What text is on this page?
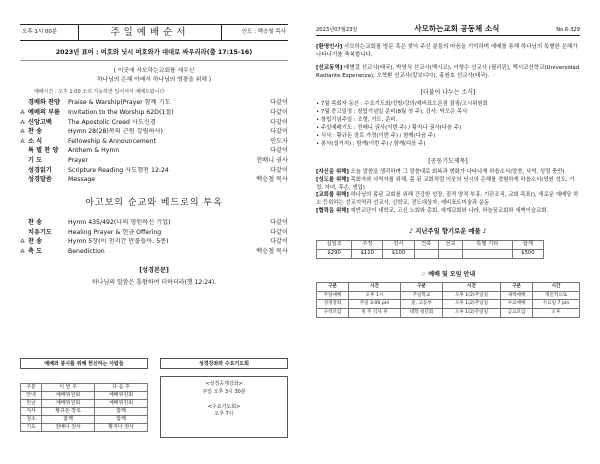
오후 1시 00분	주일예배순서	인도 : 백승철 목사
2023년 표어 : 여호와 닛시 여호와가 대대로 싸우리라(출 17:15-16)
( 이곳에 사모하는교회를 세우신
하나님의 은혜 아래서 하나님의 영광을 위해 )
예배시간 : 오후 1:00 소리 가능하면 일어서서 예배드립니다
경배와 찬양	Praise & Warship(Prayer 함께 기도	다같이
⁂ 예배의 부름	Invitation to the Worship 62D(1절)	다같이
⁂ 신앙고백	The Apostolic Creed 사도신경	다같이
⁂ 찬 송	Hymn 28(28)복의 근원 강림하사)	다같이
⁂ 소 식	Fellowship & Announcement	인도자
특 별 찬 양	Anthem & Hymn	다같이
기 도	Prayer	전배니 권사
성경읽기	Scripture Reading 사도행전 12:24	다같이
성경말씀	Message	백승철 목사
아고보의 순교와 베드로의 투옥
찬 송	Hymn 435/492(나의 영원하신 기업)	다같이
치유기도	Healing Prayer & 헌금 Offering	다같이
⁂ 찬 송	Hymn 5장(이 천지간 만물들아, 5종)	다같이
⁂ 축 도	Benediction	백승철 목사
[성경본문]
하나님의 말씀은 흥왕하여 더하더라(행 12:24).
예배와 봉사를 위해 헌신하는 사람들
구분	이 번 주	다 음 주
안내	예배위원회	예배위원회
헌금	예배위원회	예배위원회
식사	황규돈 장로	함께
청소	함께	함께
기도	전배니 권사	황지나 권사
성경강좌와 수요기도회
<성경공개강좌>
주일 오후 3시 30분

<수요기도회>
오후 7시
2023년07월23일	사모하는교회 공동체 소식	No.6-329
[환영인사] 사모하는교회를 방문 혹은 찾아 주신 분들의 마음을 기억하며 예배를 통해 하나님의 특별한 은혜가 나타나기를 축복합니다.
[선교동역] 배병걸 선교사(태국), 박영식 선교사(멕시코), 이형수 선교사 (필리핀), 멕시코신학교(Universidad Radiante Esperanza), 오혁환 선교사(칼보디아), 홍원호 선교사(태국).
[더불어 나누는 소식]
• 7월 목회자 동선 : 수요기도회/성방/강의/예비표도론점 점핑/고시위원회
• 7월 중고일정 : 창립기념일 준비(8월 첫 주), 강사: 박모은 목사
• 창립기념주일 : 조형, 기도, 준비.
• 주일예배기도 : 전배니 권사(이번 주) / 황지나 권사(다음 주)
• 식사 : 황규돈 장로 가정(이번 주) / 함께(다음 주)
• 봉사(설거지) : 함께(이번 주) / 함께(다음 주)
[공동기도제목]
[자신을 위해] 오늘 말씀을 생각하며 그 말씀대로 회복과 변화가 나타나게 하옵소서(말씀, 사역, 성령 충만)
[성도를 위해] 목회자와 사역자를 위해, 몸 된 교회처럼 이웃의 닛시의 은혜를 경험하게 하옵소서(영원 성도, 가정, 자녀, 후손, 생업)
[교회를 위해] 하나님의 몸된 교회를 위해 건강한 성장, 질적 양적 부흥, 기관조직, 교회 목표(), 새로운 예배당 하소 등위하는 선교지역과 선교사, 신학교, 전도대상자, 예비표도미술과 운동
[협력을 위해] 예반교단이 대학교, 고신 노회와 총회, 세계교회와 나라, 하늘꿈교회와 새벽이슬교회.
♪ 지난주일 향기로운 예물 ♪
십일조	주정	감사	건축	선교	특별 기타	합계
$290	$110	$100				$500
☞ 예배 및 모임 안내
구분	시간	구분	시간	구분	시간
주일예배	오후 1시	주일학교	오후 1(2)주일일	새벽예배	개인적으로
성경강좌	주일 3:00 pm	중, 고등부	오후 1(2)주일일	수요예배	수요일 7 pm
구역모임	첫 주 식사 후	대학 청년회	오후 1(2)주일일	금요모임	오후
